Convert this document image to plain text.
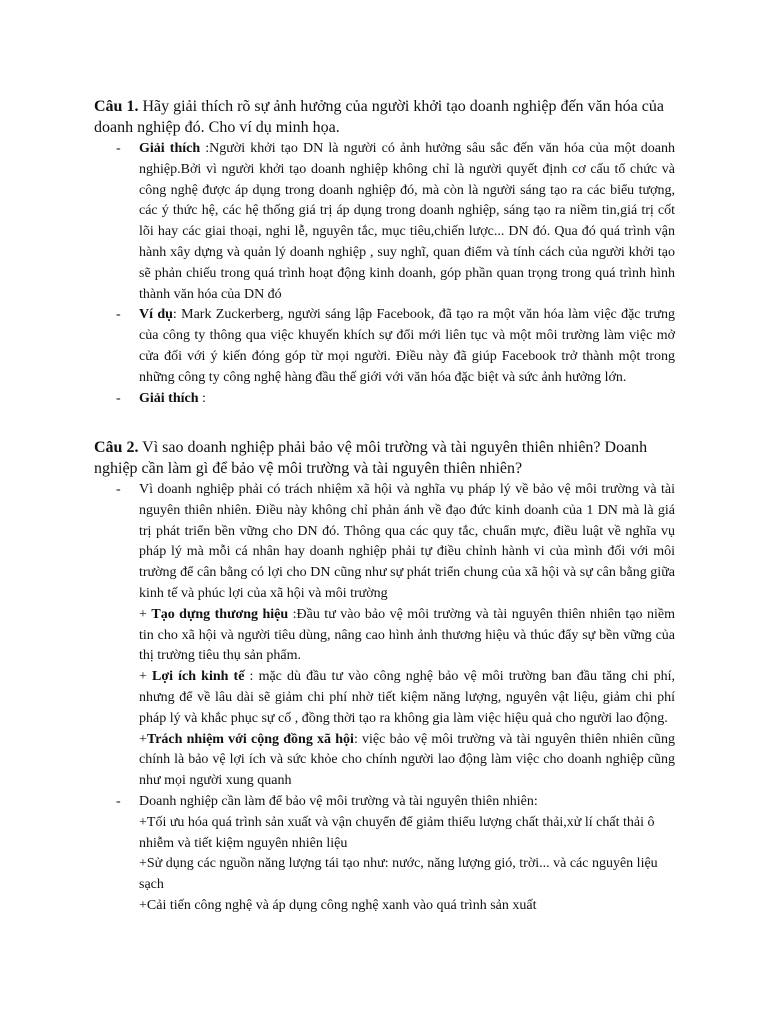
Câu 1. Hãy giải thích rõ sự ảnh hưởng của người khởi tạo doanh nghiệp đến văn hóa của doanh nghiệp đó. Cho ví dụ minh họa.

- Giải thích :Người khởi tạo DN là người có ảnh hưởng sâu sắc đến văn hóa của một doanh nghiệp.Bởi vì người khởi tạo doanh nghiệp không chỉ là người quyết định cơ cấu tổ chức và công nghệ được áp dụng trong doanh nghiệp đó, mà còn là người sáng tạo ra các biểu tượng, các ý thức hệ, các hệ thống giá trị áp dụng trong doanh nghiệp, sáng tạo ra niềm tin,giá trị cốt lõi hay các giai thoại, nghi lễ, nguyên tắc, mục tiêu,chiến lược... DN đó. Qua đó quá trình vận hành xây dựng và quản lý doanh nghiệp , suy nghĩ, quan điểm và tính cách của người khởi tạo sẽ phản chiếu trong quá trình hoạt động kinh doanh, góp phần quan trọng trong quá trình hình thành văn hóa của DN đó
- Ví dụ: Mark Zuckerberg, người sáng lập Facebook, đã tạo ra một văn hóa làm việc đặc trưng của công ty thông qua việc khuyến khích sự đổi mới liên tục và một môi trường làm việc mở cửa đối với ý kiến đóng góp từ mọi người. Điều này đã giúp Facebook trở thành một trong những công ty công nghệ hàng đầu thế giới với văn hóa đặc biệt và sức ảnh hưởng lớn.
- Giải thích :

Câu 2. Vì sao doanh nghiệp phải bảo vệ môi trường và tài nguyên thiên nhiên? Doanh nghiệp cần làm gì để bảo vệ môi trường và tài nguyên thiên nhiên?

- Vì doanh nghiệp phải có trách nhiệm xã hội và nghĩa vụ pháp lý về bảo vệ môi trường và tài nguyên thiên nhiên. Điều này không chỉ phản ánh về đạo đức kinh doanh của 1 DN mà là giá trị phát triển bền vững cho DN đó. Thông qua các quy tắc, chuẩn mực, điều luật về nghĩa vụ pháp lý mà mỗi cá nhân hay doanh nghiệp phải tự điều chỉnh hành vi của mình đối với môi trường để cân bằng có lợi cho DN cũng như sự phát triển chung của xã hội và sự cân bằng giữa kinh tế và phúc lợi của xã hội và môi trường

+ Tạo dựng thương hiệu :Đầu tư vào bảo vệ môi trường và tài nguyên thiên nhiên tạo niềm tin cho xã hội và người tiêu dùng, nâng cao hình ảnh thương hiệu và thúc đẩy sự bền vững của thị trường tiêu thụ sản phẩm.

+ Lợi ích kinh tế : mặc dù đầu tư vào công nghệ bảo vệ môi trường ban đầu tăng chi phí, nhưng để về lâu dài sẽ giảm chi phí nhờ tiết kiệm năng lượng, nguyên vật liệu, giảm chi phí pháp lý và khắc phục sự cố , đồng thời tạo ra không gia làm việc hiệu quả cho người lao động.

+Trách nhiệm với cộng đồng xã hội: việc bảo vệ môi trường và tài nguyên thiên nhiên cũng chính là bảo vệ lợi ích và sức khỏe cho chính người lao động làm việc cho doanh nghiệp cũng như mọi người xung quanh

- Doanh nghiệp cần làm để bảo vệ môi trường và tài nguyên thiên nhiên:

+Tối ưu hóa quá trình sản xuất và vận chuyển để giảm thiểu lượng chất thải,xử lí chất thải ô nhiễm và tiết kiệm nguyên nhiên liệu

+Sử dụng các nguồn năng lượng tái tạo như: nước, năng lượng gió, trời... và các nguyên liệu sạch

+Cải tiến công nghệ và áp dụng công nghệ xanh vào quá trình sản xuất
